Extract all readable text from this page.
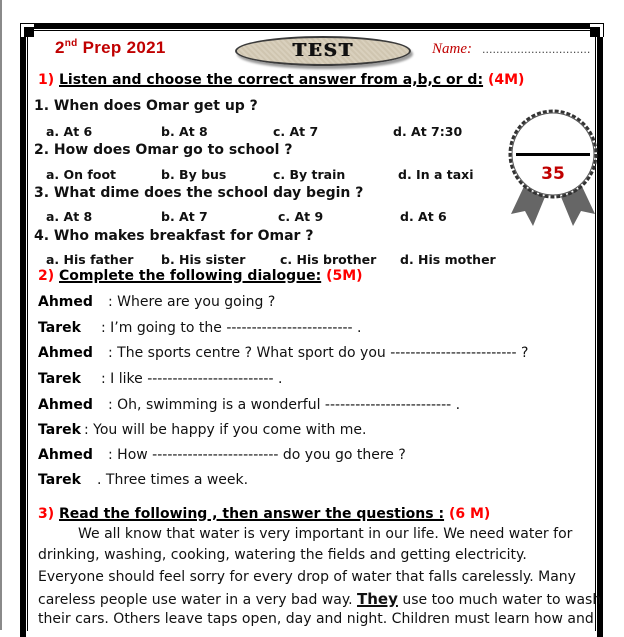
2nd Prep 2021	TEST	Name: ...............................
1) Listen and choose the correct answer from a,b,c or d: (4M)
1. When does Omar get up ?
a. At 6	b. At 8	c. At 7	d. At 7:30
2. How does Omar go to school ?
a. On foot	b. By bus	c. By train	d. In a taxi
3. What dime does the school day begin ?
a. At 8	b. At 7	c. At 9	d. At 6
4. Who makes breakfast for Omar ?
a. His father b. His sister	c. His brother d. His mother
35
2) Complete the following dialogue: (5M)
Ahmed : Where are you going ?
Tarek : I’m going to the ------------------------- .
Ahmed : The sports centre ? What sport do you ------------------------- ?
Tarek : I like ------------------------- .
Ahmed : Oh, swimming is a wonderful ------------------------- .
Tarek : You will be happy if you come with me.
Ahmed : How ------------------------- do you go there ?
Tarek . Three times a week.
3) Read the following , then answer the questions : (6 M)
We all know that water is very important in our life. We need water for
drinking, washing, cooking, watering the fields and getting electricity.
Everyone should feel sorry for every drop of water that falls carelessly. Many
careless people use water in a very bad way. They use too much water to wash
their cars. Others leave taps open, day and night. Children must learn how and
